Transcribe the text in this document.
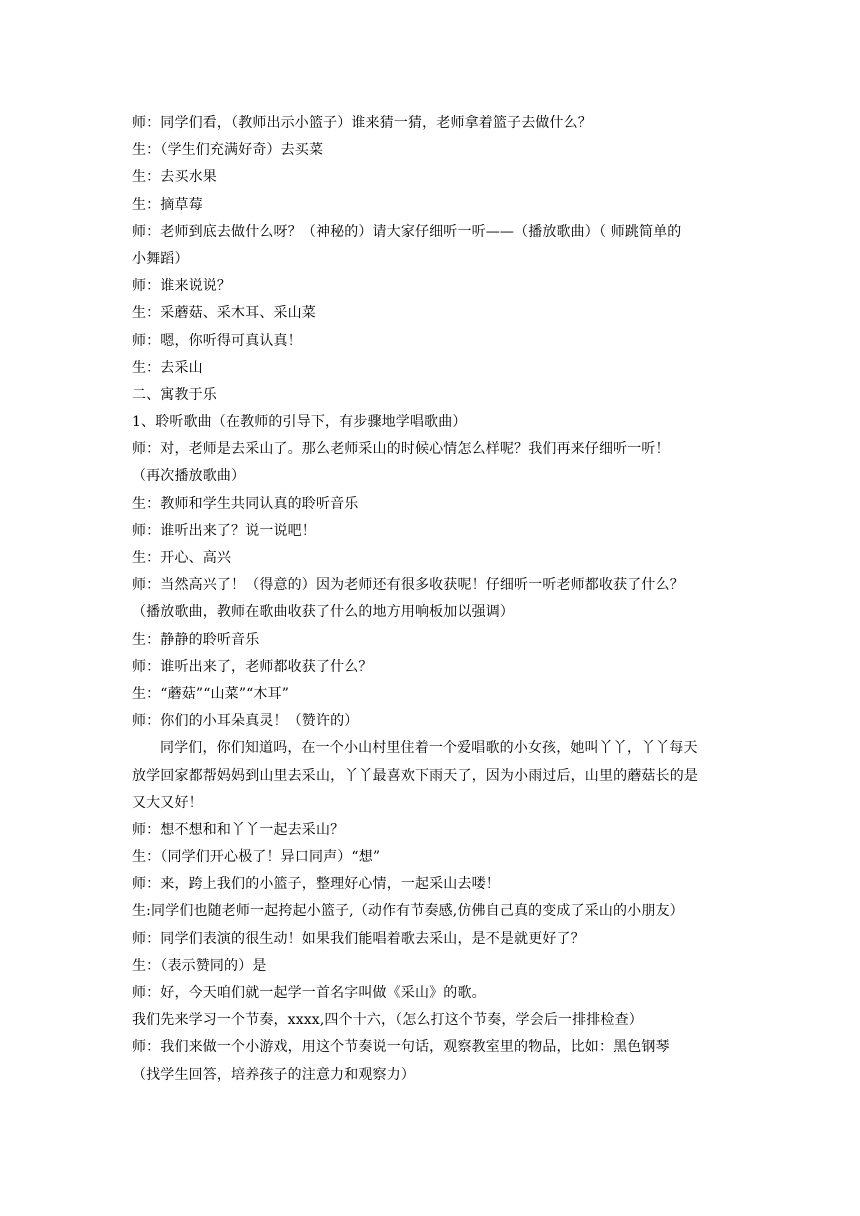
师：同学们看，（教师出示小篮子）谁来猜一猜，老师拿着篮子去做什么？
生：（学生们充满好奇）去买菜
生：去买水果
生：摘草莓
师：老师到底去做什么呀？（神秘的）请大家仔细听一听——（播放歌曲）（ 师跳简单的
小舞蹈）
师：谁来说说？
生：采蘑菇、采木耳、采山菜
师：嗯，你听得可真认真！
生：去采山
二、寓教于乐
1、聆听歌曲（在教师的引导下，有步骤地学唱歌曲）
师：对，老师是去采山了。那么老师采山的时候心情怎么样呢？我们再来仔细听一听！
（再次播放歌曲）
生：教师和学生共同认真的聆听音乐
师：谁听出来了？说一说吧！
生：开心、高兴
师：当然高兴了！（得意的）因为老师还有很多收获呢！仔细听一听老师都收获了什么？
（播放歌曲，教师在歌曲收获了什么的地方用响板加以强调）
生：静静的聆听音乐
师：谁听出来了，老师都收获了什么？
生：“蘑菇”“山菜”“木耳”
师：你们的小耳朵真灵！（赞许的）
同学们，你们知道吗，在一个小山村里住着一个爱唱歌的小女孩，她叫丫丫，丫丫每天
放学回家都帮妈妈到山里去采山，丫丫最喜欢下雨天了，因为小雨过后，山里的蘑菇长的是
又大又好！
师：想不想和和丫丫一起去采山？
生：（同学们开心极了！异口同声）“想”
师：来，跨上我们的小篮子，整理好心情，一起采山去喽！
生:同学们也随老师一起挎起小篮子,（动作有节奏感,仿佛自己真的变成了采山的小朋友）
师：同学们表演的很生动！如果我们能唱着歌去采山，是不是就更好了？
生：（表示赞同的）是
师：好，今天咱们就一起学一首名字叫做《采山》的歌。
我们先来学习一个节奏，xxxx,四个十六，（怎么打这个节奏，学会后一排排检查）
师：我们来做一个小游戏，用这个节奏说一句话，观察教室里的物品，比如：黑色钢琴
（找学生回答，培养孩子的注意力和观察力）
